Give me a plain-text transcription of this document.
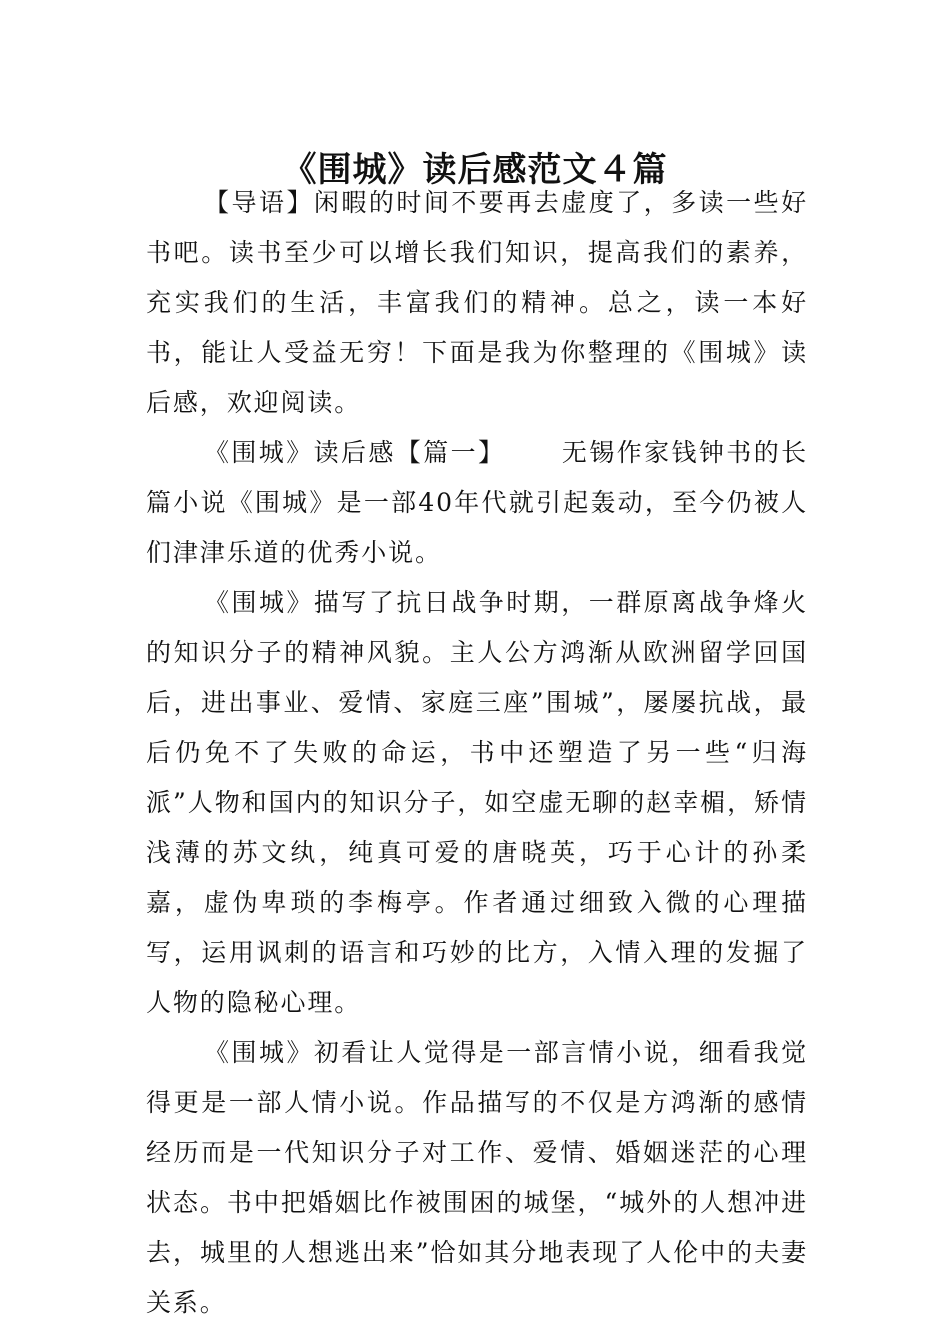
《围城》读后感范文４篇

【导语】闲暇的时间不要再去虚度了，多读一些好书吧。读书至少可以增长我们知识，提高我们的素养，充实我们的生活，丰富我们的精神。总之，读一本好书，能让人受益无穷！下面是我为你整理的《围城》读后感，欢迎阅读。

《围城》读后感【篇一】 无锡作家钱钟书的长篇小说《围城》是一部40年代就引起轰动，至今仍被人们津津乐道的优秀小说。

《围城》描写了抗日战争时期，一群原离战争烽火的知识分子的精神风貌。主人公方鸿渐从欧洲留学回国后，进出事业、爱情、家庭三座”围城”，屡屡抗战，最后仍免不了失败的命运，书中还塑造了另一些“归海派”人物和国内的知识分子，如空虚无聊的赵幸楣，矫情浅薄的苏文纨，纯真可爱的唐晓英，巧于心计的孙柔嘉，虚伪卑琐的李梅亭。作者通过细致入微的心理描写，运用讽刺的语言和巧妙的比方，入情入理的发掘了人物的隐秘心理。

《围城》初看让人觉得是一部言情小说，细看我觉得更是一部人情小说。作品描写的不仅是方鸿渐的感情经历而是一代知识分子对工作、爱情、婚姻迷茫的心理状态。书中把婚姻比作被围困的城堡，“城外的人想冲进去，城里的人想逃出来”恰如其分地表现了人伦中的夫妻关系。
